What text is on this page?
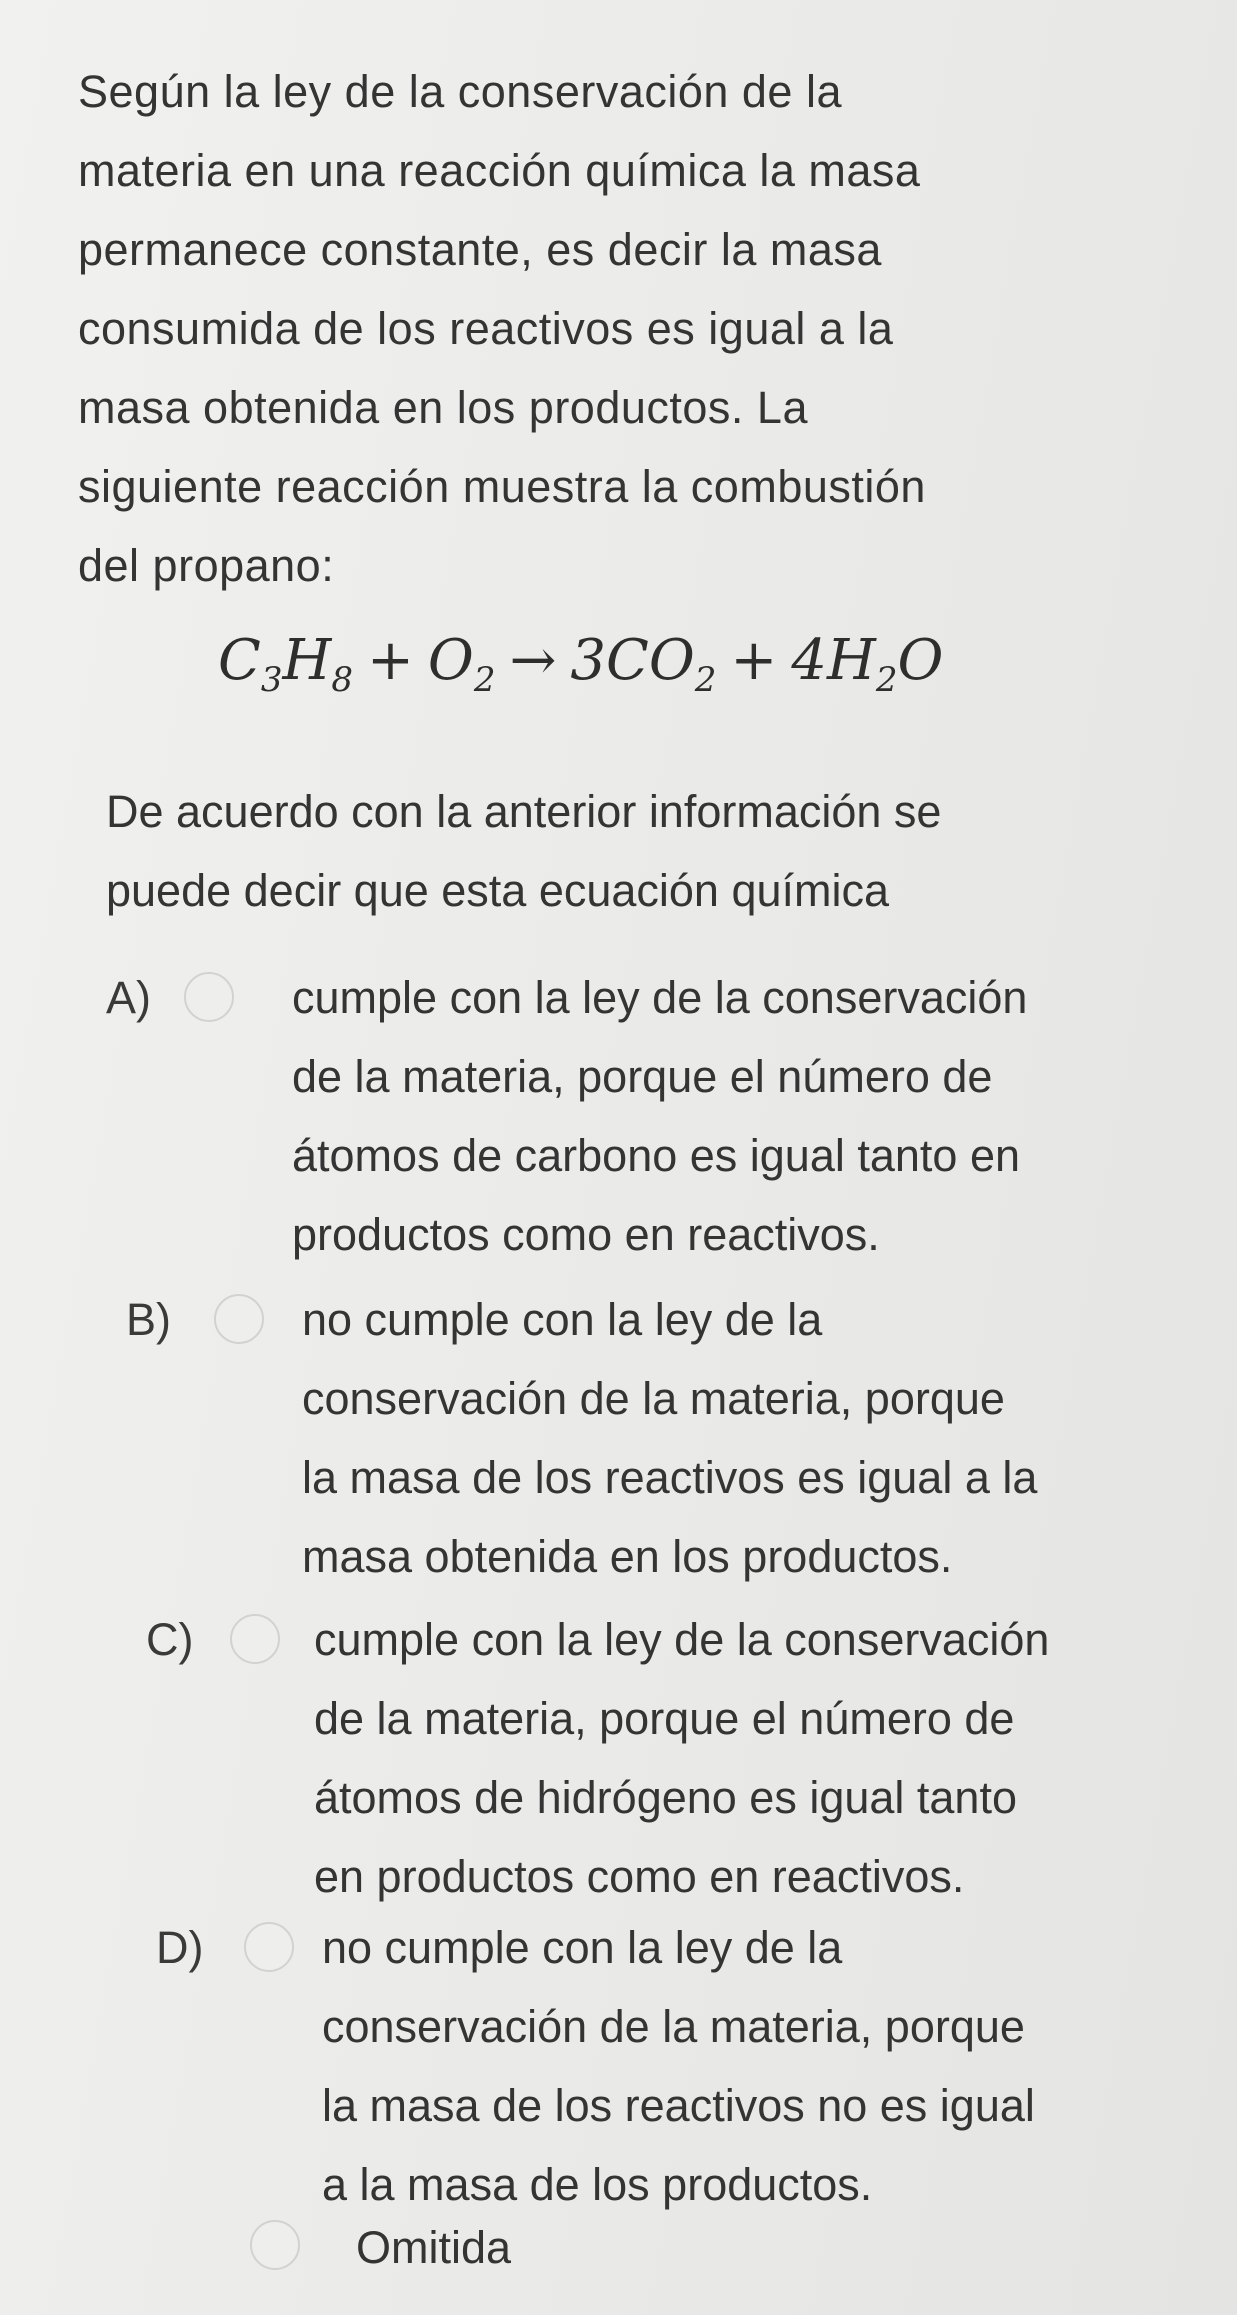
Según la ley de la conservación de la
materia en una reacción química la masa
permanece constante, es decir la masa
consumida de los reactivos es igual a la
masa obtenida en los productos. La
siguiente reacción muestra la combustión
del propano:
$C_3H_8 + O_2 \to 3CO_2 + 4H_2O$
De acuerdo con la anterior información se
puede decir que esta ecuación química
A)	cumple con la ley de la conservación
de la materia, porque el número de
átomos de carbono es igual tanto en
productos como en reactivos.
B)	no cumple con la ley de la
conservación de la materia, porque
la masa de los reactivos es igual a la
masa obtenida en los productos.
C)	cumple con la ley de la conservación
de la materia, porque el número de
átomos de hidrógeno es igual tanto
en productos como en reactivos.
D)	no cumple con la ley de la
conservación de la materia, porque
la masa de los reactivos no es igual
a la masa de los productos.
Omitida
